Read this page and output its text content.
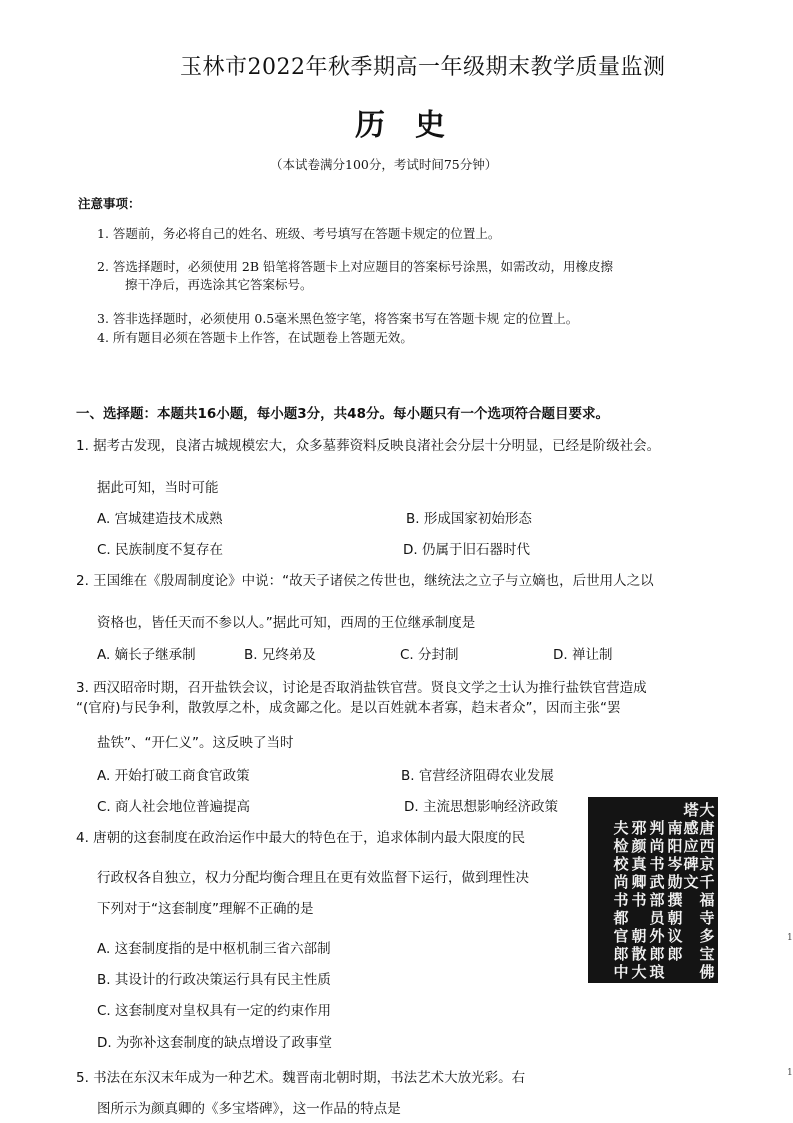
玉林市2022年秋季期高一年级期末教学质量监测
历史
（本试卷满分100分，考试时间75分钟）
注意事项：
1. 答题前，务必将自己的姓名、班级、考号填写在答题卡规定的位置上。
2. 答选择题时，必须使用 2B 铅笔将答题卡上对应题目的答案标号涂黑，如需改动，用橡皮擦
擦干净后，再选涂其它答案标号。
3. 答非选择题时，必须使用 0.5毫米黑色签字笔，将答案书写在答题卡规 定的位置上。
4. 所有题目必须在答题卡上作答，在试题卷上答题无效。
一、选择题：本题共16小题，每小题3分，共48分。每小题只有一个选项符合题目要求。
1. 据考古发现，良渚古城规模宏大，众多墓葬资料反映良渚社会分层十分明显，已经是阶级社会。
据此可知，当时可能
A. 宫城建造技术成熟	B. 形成国家初始形态
C. 民族制度不复存在	D. 仍属于旧石器时代
2. 王国维在《殷周制度论》中说：“故天子诸侯之传世也，继统法之立子与立嫡也，后世用人之以
资格也，皆任天而不参以人。”据此可知，西周的王位继承制度是
A. 嫡长子继承制	B. 兄终弟及	C. 分封制	D. 禅让制
3. 西汉昭帝时期，召开盐铁会议，讨论是否取消盐铁官营。贤良文学之士认为推行盐铁官营造成
“(官府)与民争利，散敦厚之朴，成贪鄙之化。是以百姓就本者寡，趋末者众”，因而主张“罢
盐铁”、“开仁义”。这反映了当时
A. 开始打破工商食官政策	B. 官营经济阻碍农业发展
C. 商人社会地位普遍提高	D. 主流思想影响经济政策
4. 唐朝的这套制度在政治运作中最大的特色在于，追求体制内最大限度的民
行政权各自独立，权力分配均衡合理且在更有效监督下运行，做到理性决
下列对于“这套制度”理解不正确的是
A. 这套制度指的是中枢机制三省六部制
B. 其设计的行政决策运行具有民主性质
C. 这套制度对皇权具有一定的约束作用
D. 为弥补这套制度的缺点增设了政事堂
5. 书法在东汉末年成为一种艺术。魏晋南北朝时期，书法艺术大放光彩。右
图所示为颜真卿的《多宝塔碑》，这一作品的特点是
大
唐
西
京
千
福
寺
多
宝
佛
塔
感
应
碑
文
南
阳
岑
勋
撰
朝
议
郎
判
尚
书
武
部
员
外
郎
琅
邪
颜
真
卿
书
朝
散
大
夫
检
校
尚
书
都
官
郎
中
1
1
